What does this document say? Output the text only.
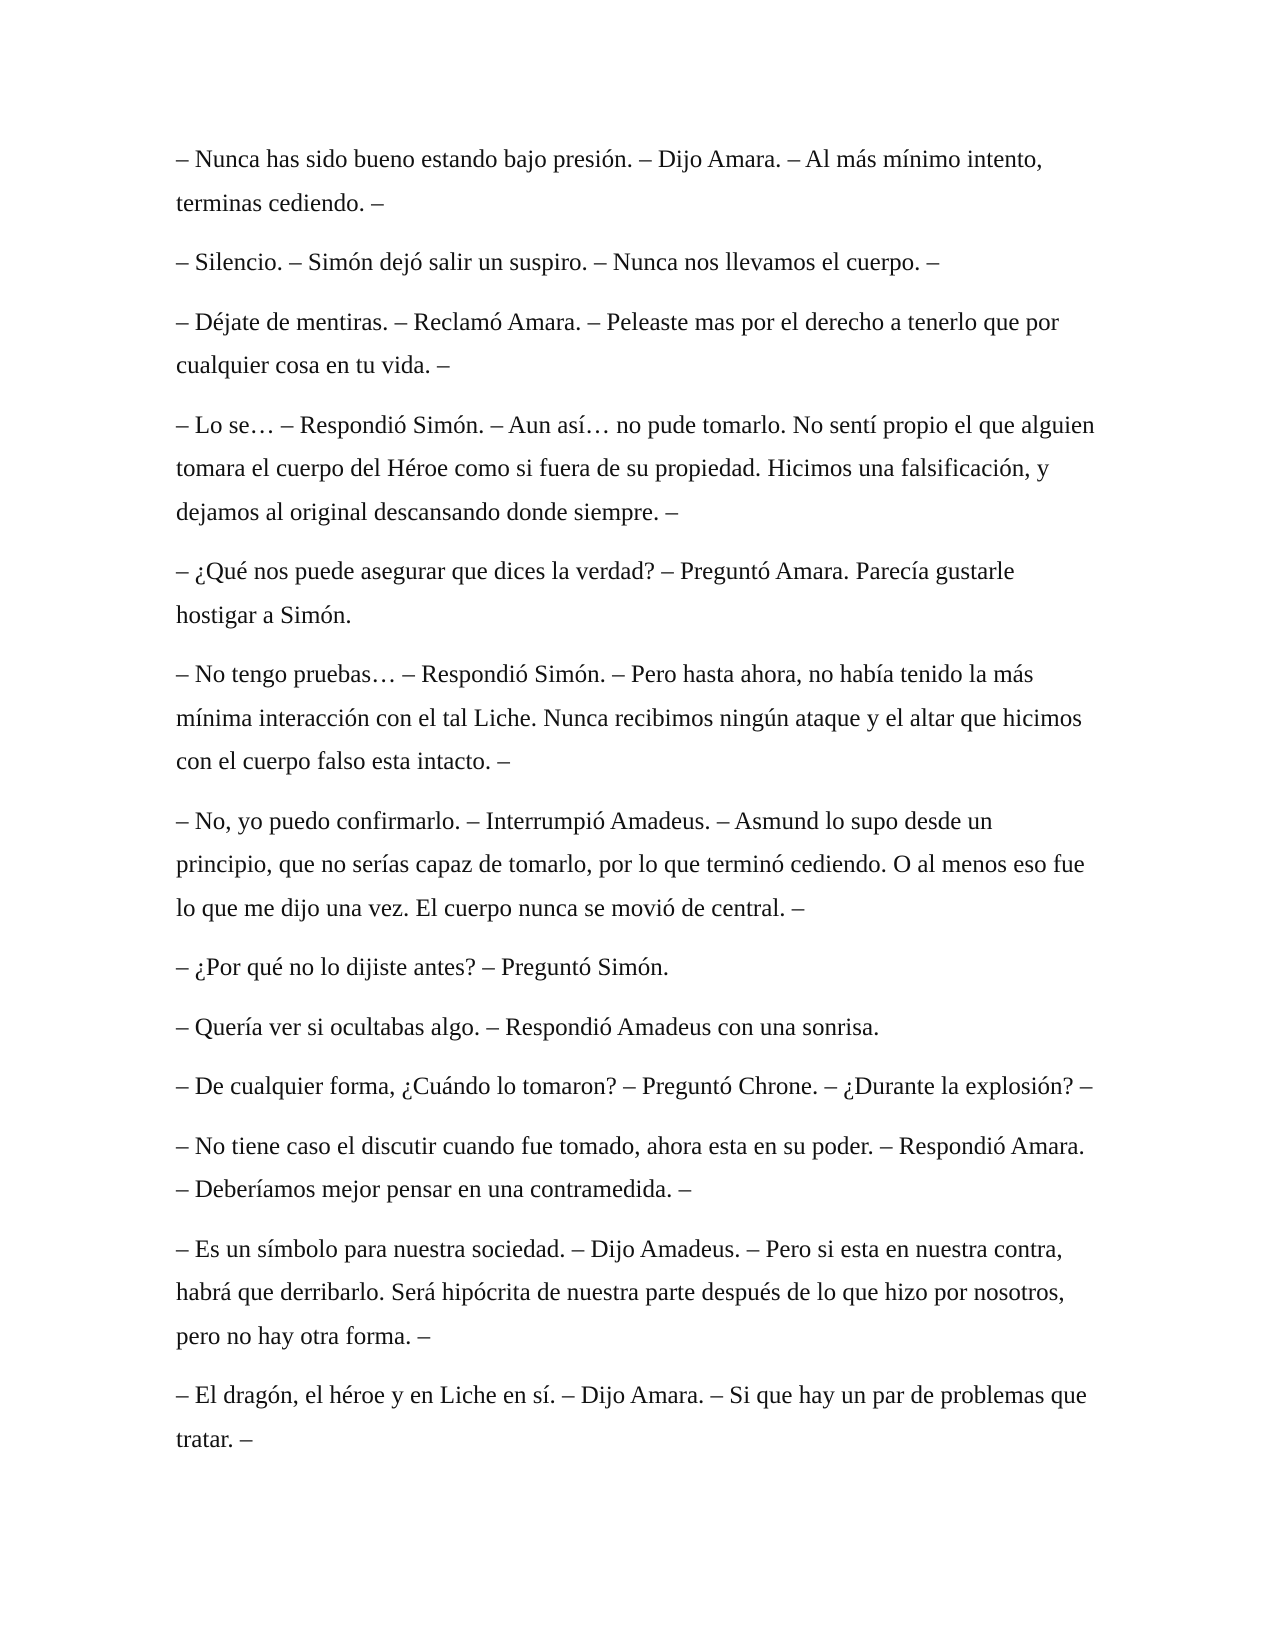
– Nunca has sido bueno estando bajo presión. – Dijo Amara. – Al más mínimo intento,
terminas cediendo. –

– Silencio. – Simón dejó salir un suspiro. – Nunca nos llevamos el cuerpo. –

– Déjate de mentiras. – Reclamó Amara. – Peleaste mas por el derecho a tenerlo que por
cualquier cosa en tu vida. –

– Lo se… – Respondió Simón. – Aun así… no pude tomarlo. No sentí propio el que alguien
tomara el cuerpo del Héroe como si fuera de su propiedad. Hicimos una falsificación, y
dejamos al original descansando donde siempre. –

– ¿Qué nos puede asegurar que dices la verdad? – Preguntó Amara. Parecía gustarle
hostigar a Simón.

– No tengo pruebas… – Respondió Simón. – Pero hasta ahora, no había tenido la más
mínima interacción con el tal Liche. Nunca recibimos ningún ataque y el altar que hicimos
con el cuerpo falso esta intacto. –

– No, yo puedo confirmarlo. – Interrumpió Amadeus. – Asmund lo supo desde un
principio, que no serías capaz de tomarlo, por lo que terminó cediendo. O al menos eso fue
lo que me dijo una vez. El cuerpo nunca se movió de central. –

– ¿Por qué no lo dijiste antes? – Preguntó Simón.

– Quería ver si ocultabas algo. – Respondió Amadeus con una sonrisa.

– De cualquier forma, ¿Cuándo lo tomaron? – Preguntó Chrone. – ¿Durante la explosión? –

– No tiene caso el discutir cuando fue tomado, ahora esta en su poder. – Respondió Amara.
– Deberíamos mejor pensar en una contramedida. –

– Es un símbolo para nuestra sociedad. – Dijo Amadeus. – Pero si esta en nuestra contra,
habrá que derribarlo. Será hipócrita de nuestra parte después de lo que hizo por nosotros,
pero no hay otra forma. –

– El dragón, el héroe y en Liche en sí. – Dijo Amara. – Si que hay un par de problemas que
tratar. –
